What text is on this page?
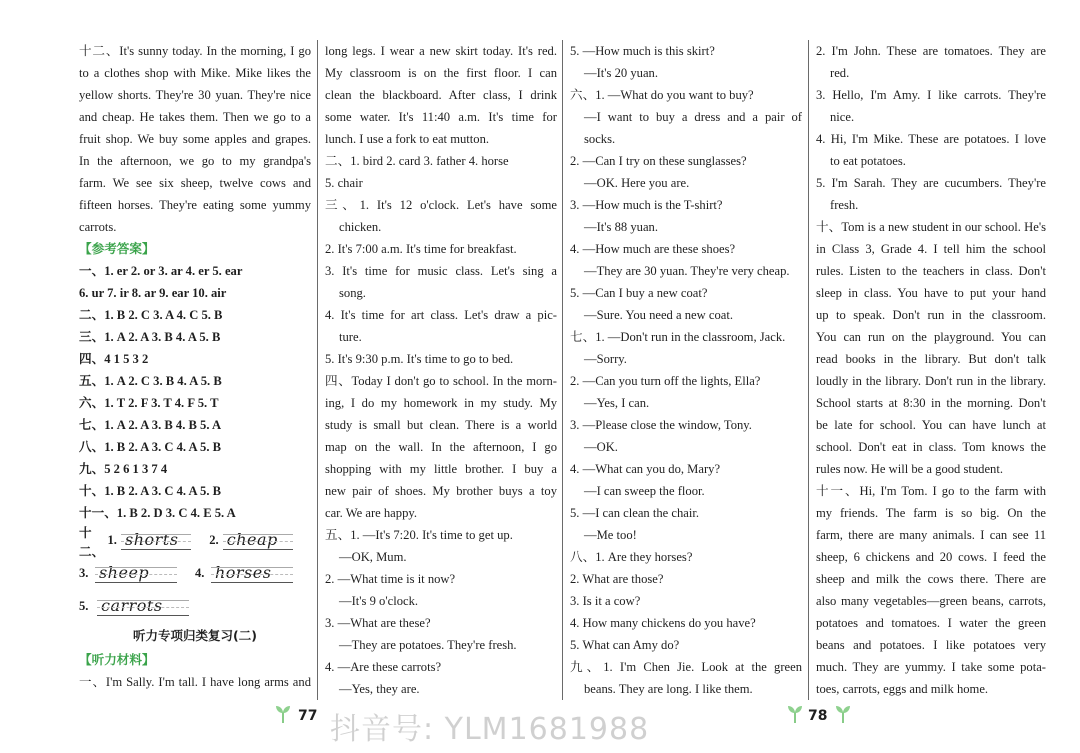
十二、It's sunny today. In the morning, I go
to a clothes shop with Mike. Mike likes the
yellow shorts. They're 30 yuan. They're nice
and cheap. He takes them. Then we go to a
fruit shop. We buy some apples and grapes.
In the afternoon, we go to my grandpa's
farm. We see six sheep, twelve cows and
fifteen horses. They're eating some yummy
carrots.
【参考答案】
一、1. er 2. or 3. ar 4. er 5. ear
6. ur 7. ir 8. ar 9. ear 10. air
二、1. B 2. C 3. A 4. C 5. B
三、1. A 2. A 3. B 4. A 5. B
四、4 1 5 3 2
五、1. A 2. C 3. B 4. A 5. B
六、1. T 2. F 3. T 4. F 5. T
七、1. A 2. A 3. B 4. B 5. A
八、1. B 2. A 3. C 4. A 5. B
九、5 2 6 1 3 7 4
十、1. B 2. A 3. C 4. A 5. B
十一、1. B 2. D 3. C 4. E 5. A
十二、
1. shorts	2. cheap
3. sheep	4. horses
5. carrots
听力专项归类复习(二)
【听力材料】
一、I'm Sally. I'm tall. I have long arms and
long legs. I wear a new skirt today. It's red.
My classroom is on the first floor. I can
clean the blackboard. After class, I drink
some water. It's 11:40 a.m. It's time for
lunch. I use a fork to eat mutton.
二、1. bird 2. card 3. father 4. horse
5. chair
三、1. It's 12 o'clock. Let's have some
chicken.
2. It's 7:00 a.m. It's time for breakfast.
3. It's time for music class. Let's sing a
song.
4. It's time for art class. Let's draw a pic-
ture.
5. It's 9:30 p.m. It's time to go to bed.
四、Today I don't go to school. In the morn-
ing, I do my homework in my study. My
study is small but clean. There is a world
map on the wall. In the afternoon, I go
shopping with my little brother. I buy a
new pair of shoes. My brother buys a toy
car. We are happy.
五、1. —It's 7:20. It's time to get up.
—OK, Mum.
2. —What time is it now?
—It's 9 o'clock.
3. —What are these?
—They are potatoes. They're fresh.
4. —Are these carrots?
—Yes, they are.
5. —How much is this skirt?
—It's 20 yuan.
六、1. —What do you want to buy?
—I want to buy a dress and a pair of
socks.
2. —Can I try on these sunglasses?
—OK. Here you are.
3. —How much is the T-shirt?
—It's 88 yuan.
4. —How much are these shoes?
—They are 30 yuan. They're very cheap.
5. —Can I buy a new coat?
—Sure. You need a new coat.
七、1. —Don't run in the classroom, Jack.
—Sorry.
2. —Can you turn off the lights, Ella?
—Yes, I can.
3. —Please close the window, Tony.
—OK.
4. —What can you do, Mary?
—I can sweep the floor.
5. —I can clean the chair.
—Me too!
八、1. Are they horses?
2. What are those?
3. Is it a cow?
4. How many chickens do you have?
5. What can Amy do?
九、1. I'm Chen Jie. Look at the green
beans. They are long. I like them.
2. I'm John. These are tomatoes. They are
red.
3. Hello, I'm Amy. I like carrots. They're
nice.
4. Hi, I'm Mike. These are potatoes. I love
to eat potatoes.
5. I'm Sarah. They are cucumbers. They're
fresh.
十、Tom is a new student in our school. He's
in Class 3, Grade 4. I tell him the school
rules. Listen to the teachers in class. Don't
sleep in class. You have to put your hand
up to speak. Don't run in the classroom.
You can run on the playground. You can
read books in the library. But don't talk
loudly in the library. Don't run in the library.
School starts at 8:30 in the morning. Don't
be late for school. You can have lunch at
school. Don't eat in class. Tom knows the
rules now. He will be a good student.
十一、Hi, I'm Tom. I go to the farm with
my friends. The farm is so big. On the
farm, there are many animals. I can see 11
sheep, 6 chickens and 20 cows. I feed the
sheep and milk the cows there. There are
also many vegetables—green beans, carrots,
potatoes and tomatoes. I water the green
beans and potatoes. I like potatoes very
much. They are yummy. I take some pota-
toes, carrots, eggs and milk home.
77 抖音号: YLM1681988	78
